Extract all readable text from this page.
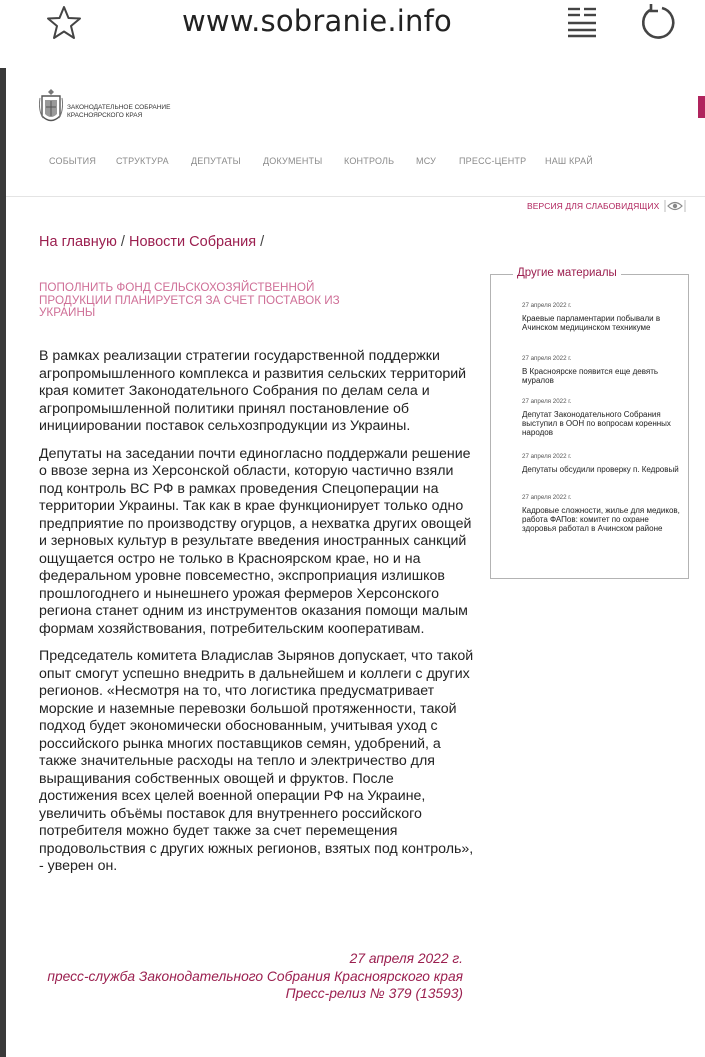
www.sobranie.info
ЗАКОНОДАТЕЛЬНОЕ СОБРАНИЕ
КРАСНОЯРСКОГО КРАЯ
СОБЫТИЯ СТРУКТУРА ДЕПУТАТЫ ДОКУМЕНТЫ КОНТРОЛЬ МСУ	ПРЕСС-ЦЕНТР НАШ КРАЙ
ВЕРСИЯ ДЛЯ СЛАБОВИДЯЩИХ
На главную / Новости Собрания /
ПОПОЛНИТЬ ФОНД СЕЛЬСКОХОЗЯЙСТВЕННОЙ ПРОДУКЦИИ ПЛАНИРУЕТСЯ ЗА СЧЕТ ПОСТАВОК ИЗ УКРАИНЫ

В рамках реализации стратегии государственной поддержки агропромышленного комплекса и развития сельских территорий края комитет Законодательного Собрания по делам села и агропромышленной политики принял постановление об инициировании поставок сельхозпродукции из Украины.

Депутаты на заседании почти единогласно поддержали решение о ввозе зерна из Херсонской области, которую частично взяли под контроль ВС РФ в рамках проведения Спецоперации на территории Украины. Так как в крае функционирует только одно предприятие по производству огурцов, а нехватка других овощей и зерновых культур в результате введения иностранных санкций ощущается остро не только в Красноярском крае, но и на федеральном уровне повсеместно, экспроприация излишков прошлогоднего и нынешнего урожая фермеров Херсонского региона станет одним из инструментов оказания помощи малым формам хозяйствования, потребительским кооперативам.

Председатель комитета Владислав Зырянов допускает, что такой опыт смогут успешно внедрить в дальнейшем и коллеги с других регионов. «Несмотря на то, что логистика предусматривает морские и наземные перевозки большой протяженности, такой подход будет экономически обоснованным, учитывая уход с российского рынка многих поставщиков семян, удобрений, а также значительные расходы на тепло и электричество для выращивания собственных овощей и фруктов. После достижения всех целей военной операции РФ на Украине, увеличить объёмы поставок для внутреннего российского потребителя можно будет также за счет перемещения продовольствия с других южных регионов, взятых под контроль», - уверен он.

27 апреля 2022 г.
пресс-служба Законодательного Собрания Красноярского края
Пресс-релиз № 379 (13593)
Другие материалы
27 апреля 2022 г.
Краевые парламентарии побывали в Ачинском медицинском техникуме
27 апреля 2022 г.
В Красноярске появится еще девять муралов
27 апреля 2022 г.
Депутат Законодательного Собрания выступил в ООН по вопросам коренных народов
27 апреля 2022 г.
Депутаты обсудили проверку п. Кедровый
27 апреля 2022 г.
Кадровые сложности, жилье для медиков, работа ФАПов: комитет по охране здоровья работал в Ачинском районе
